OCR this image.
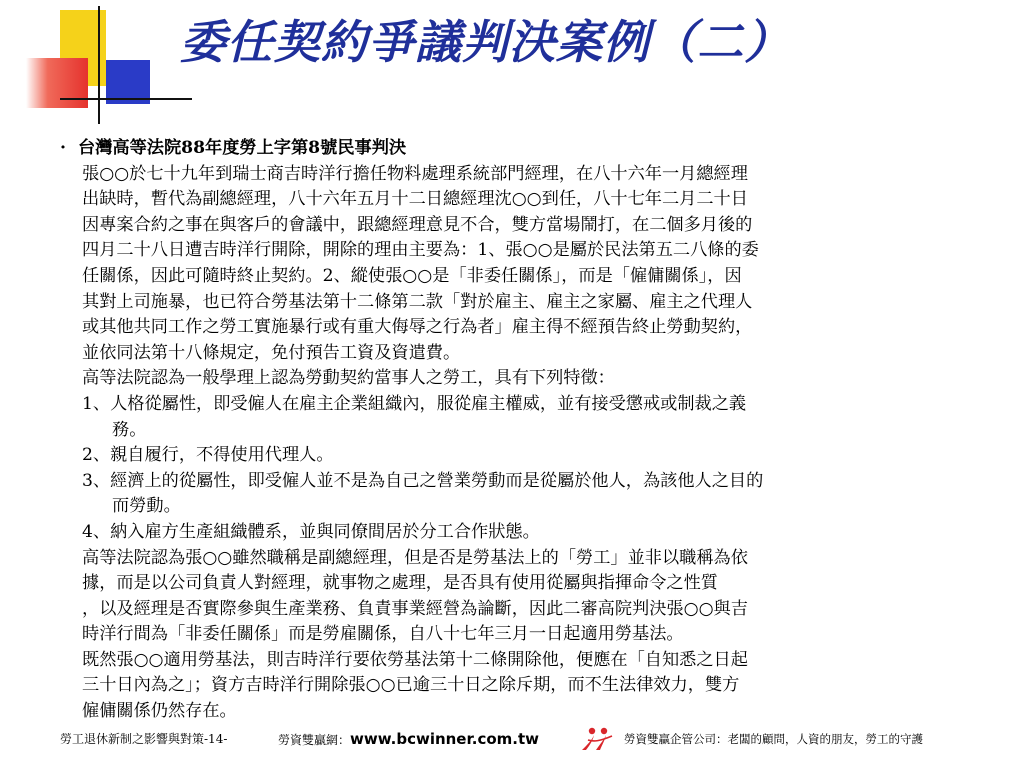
委任契約爭議判決案例（二）
· 台灣高等法院88年度勞上字第8號民事判決
張○○於七十九年到瑞士商吉時洋行擔任物料處理系統部門經理，在八十六年一月總經理
出缺時，暫代為副總經理，八十六年五月十二日總經理沈○○到任，八十七年二月二十日
因專案合約之事在與客戶的會議中，跟總經理意見不合，雙方當場鬧打，在二個多月後的
四月二十八日遭吉時洋行開除，開除的理由主要為：1、張○○是屬於民法第五二八條的委
任關係，因此可隨時終止契約。2、縱使張○○是「非委任關係」，而是「僱傭關係」，因
其對上司施暴，也已符合勞基法第十二條第二款「對於雇主、雇主之家屬、雇主之代理人
或其他共同工作之勞工實施暴行或有重大侮辱之行為者」雇主得不經預告終止勞動契約，
並依同法第十八條規定，免付預告工資及資遣費。
高等法院認為一般學理上認為勞動契約當事人之勞工，具有下列特徵：
1、人格從屬性，即受僱人在雇主企業組織內，服從雇主權威，並有接受懲戒或制裁之義
務。
2、親自履行，不得使用代理人。
3、經濟上的從屬性，即受僱人並不是為自己之營業勞動而是從屬於他人，為該他人之目的
而勞動。
4、納入雇方生產組織體系，並與同僚間居於分工合作狀態。
高等法院認為張○○雖然職稱是副總經理，但是否是勞基法上的「勞工」並非以職稱為依
據，而是以公司負責人對經理，就事物之處理，是否具有使用從屬與指揮命令之性質
，以及經理是否實際參與生產業務、負責事業經營為論斷，因此二審高院判決張○○與吉
時洋行間為「非委任關係」而是勞雇關係，自八十七年三月一日起適用勞基法。
既然張○○適用勞基法，則吉時洋行要依勞基法第十二條開除他，便應在「自知悉之日起
三十日內為之」；資方吉時洋行開除張○○已逾三十日之除斥期，而不生法律效力，雙方
僱傭關係仍然存在。
勞工退休新制之影響與對策-14-	勞資雙贏網：www.bcwinner.com.tw	勞資雙贏企管公司：老闆的顧問，人資的朋友，勞工的守護
